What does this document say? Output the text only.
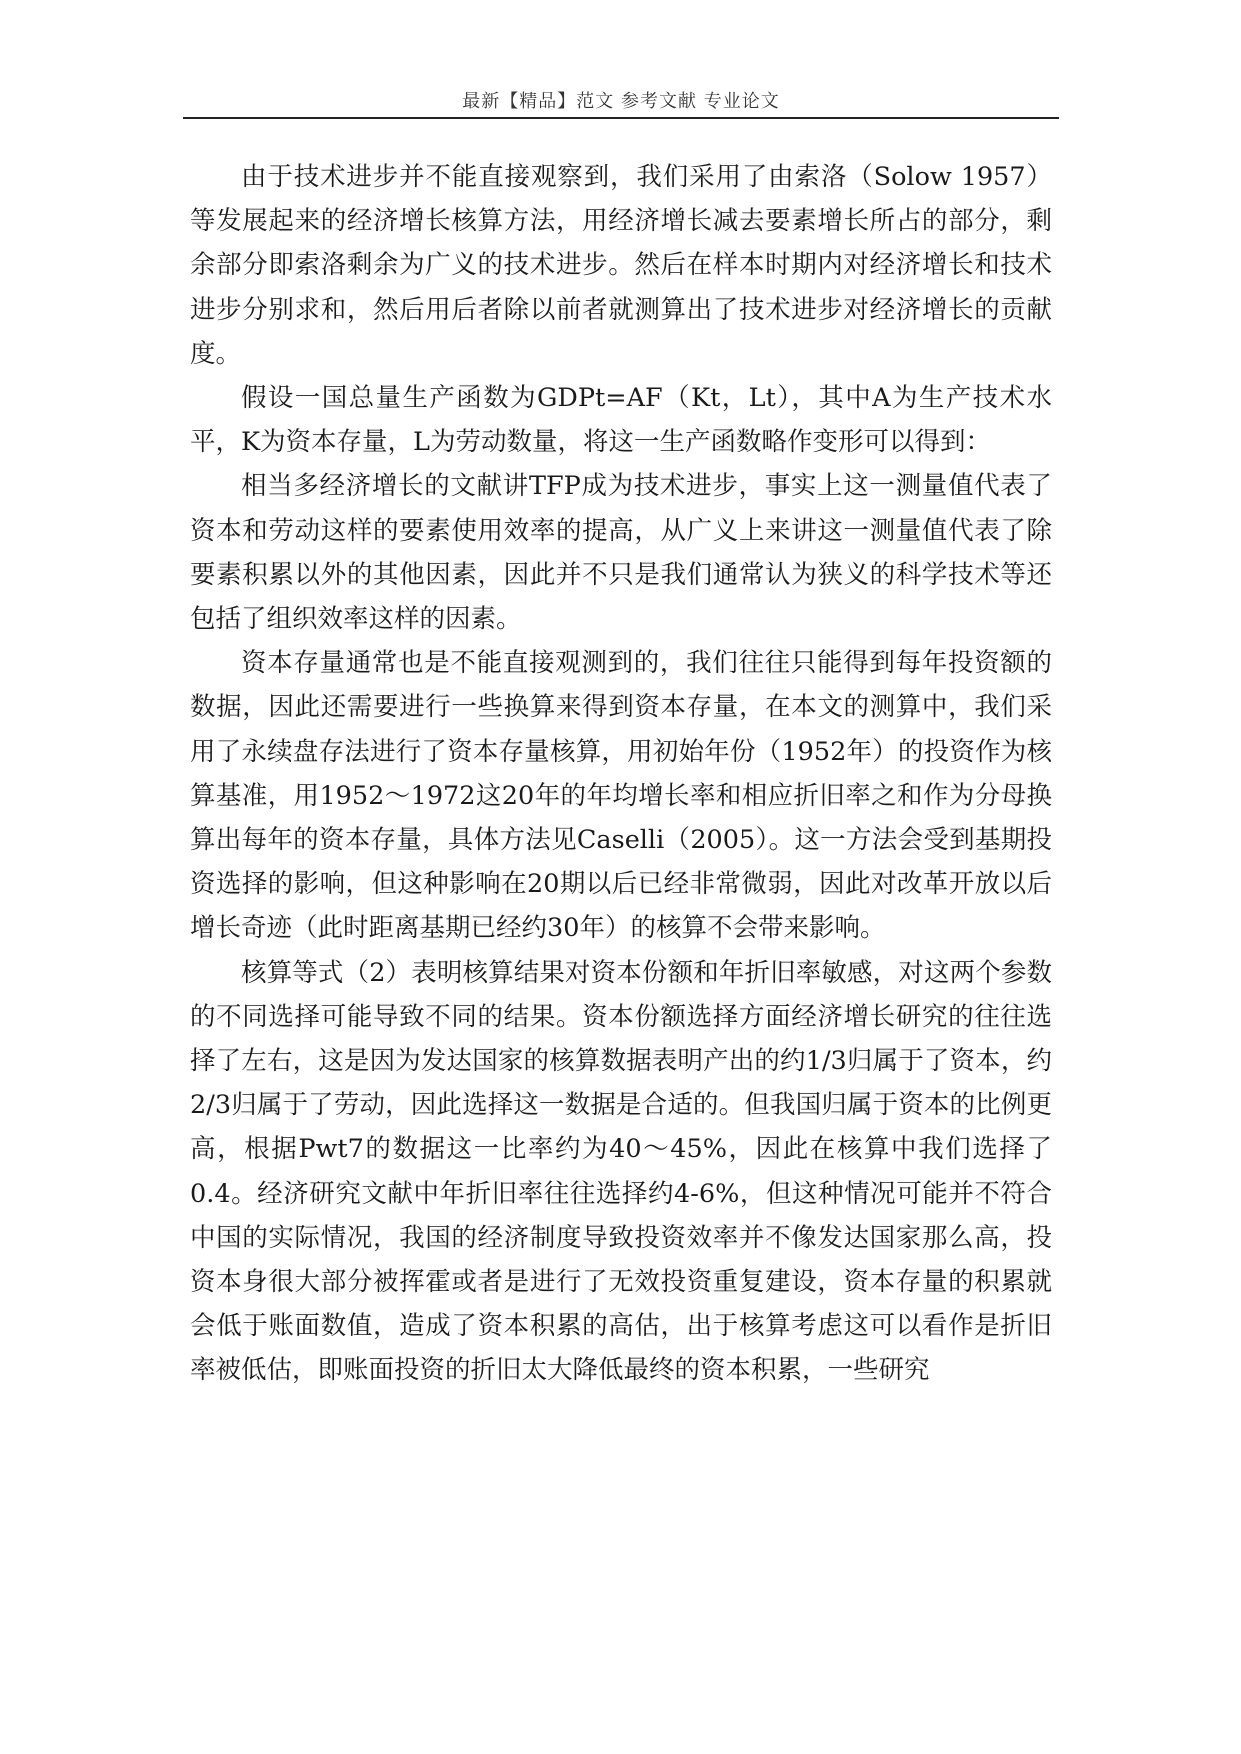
最新【精品】范文 参考文献 专业论文

由于技术进步并不能直接观察到，我们采用了由索洛（Solow 1957）等发展起来的经济增长核算方法，用经济增长减去要素增长所占的部分，剩余部分即索洛剩余为广义的技术进步。然后在样本时期内对经济增长和技术进步分别求和，然后用后者除以前者就测算出了技术进步对经济增长的贡献度。

假设一国总量生产函数为GDPt=AF（Kt，Lt），其中A为生产技术水平，K为资本存量，L为劳动数量，将这一生产函数略作变形可以得到：

相当多经济增长的文献讲TFP成为技术进步，事实上这一测量值代表了资本和劳动这样的要素使用效率的提高，从广义上来讲这一测量值代表了除要素积累以外的其他因素，因此并不只是我们通常认为狭义的科学技术等还包括了组织效率这样的因素。

资本存量通常也是不能直接观测到的，我们往往只能得到每年投资额的数据，因此还需要进行一些换算来得到资本存量，在本文的测算中，我们采用了永续盘存法进行了资本存量核算，用初始年份（1952年）的投资作为核算基准，用1952～1972这20年的年均增长率和相应折旧率之和作为分母换算出每年的资本存量，具体方法见Caselli（2005）。这一方法会受到基期投资选择的影响，但这种影响在20期以后已经非常微弱，因此对改革开放以后增长奇迹（此时距离基期已经约30年）的核算不会带来影响。

核算等式（2）表明核算结果对资本份额和年折旧率敏感，对这两个参数的不同选择可能导致不同的结果。资本份额选择方面经济增长研究的往往选择了左右，这是因为发达国家的核算数据表明产出的约1/3归属于了资本，约2/3归属于了劳动，因此选择这一数据是合适的。但我国归属于资本的比例更高，根据Pwt7的数据这一比率约为40～45%，因此在核算中我们选择了0.4。经济研究文献中年折旧率往往选择约4-6%，但这种情况可能并不符合中国的实际情况，我国的经济制度导致投资效率并不像发达国家那么高，投资本身很大部分被挥霍或者是进行了无效投资重复建设，资本存量的积累就会低于账面数值，造成了资本积累的高估，出于核算考虑这可以看作是折旧率被低估，即账面投资的折旧太大降低最终的资本积累，一些研究
